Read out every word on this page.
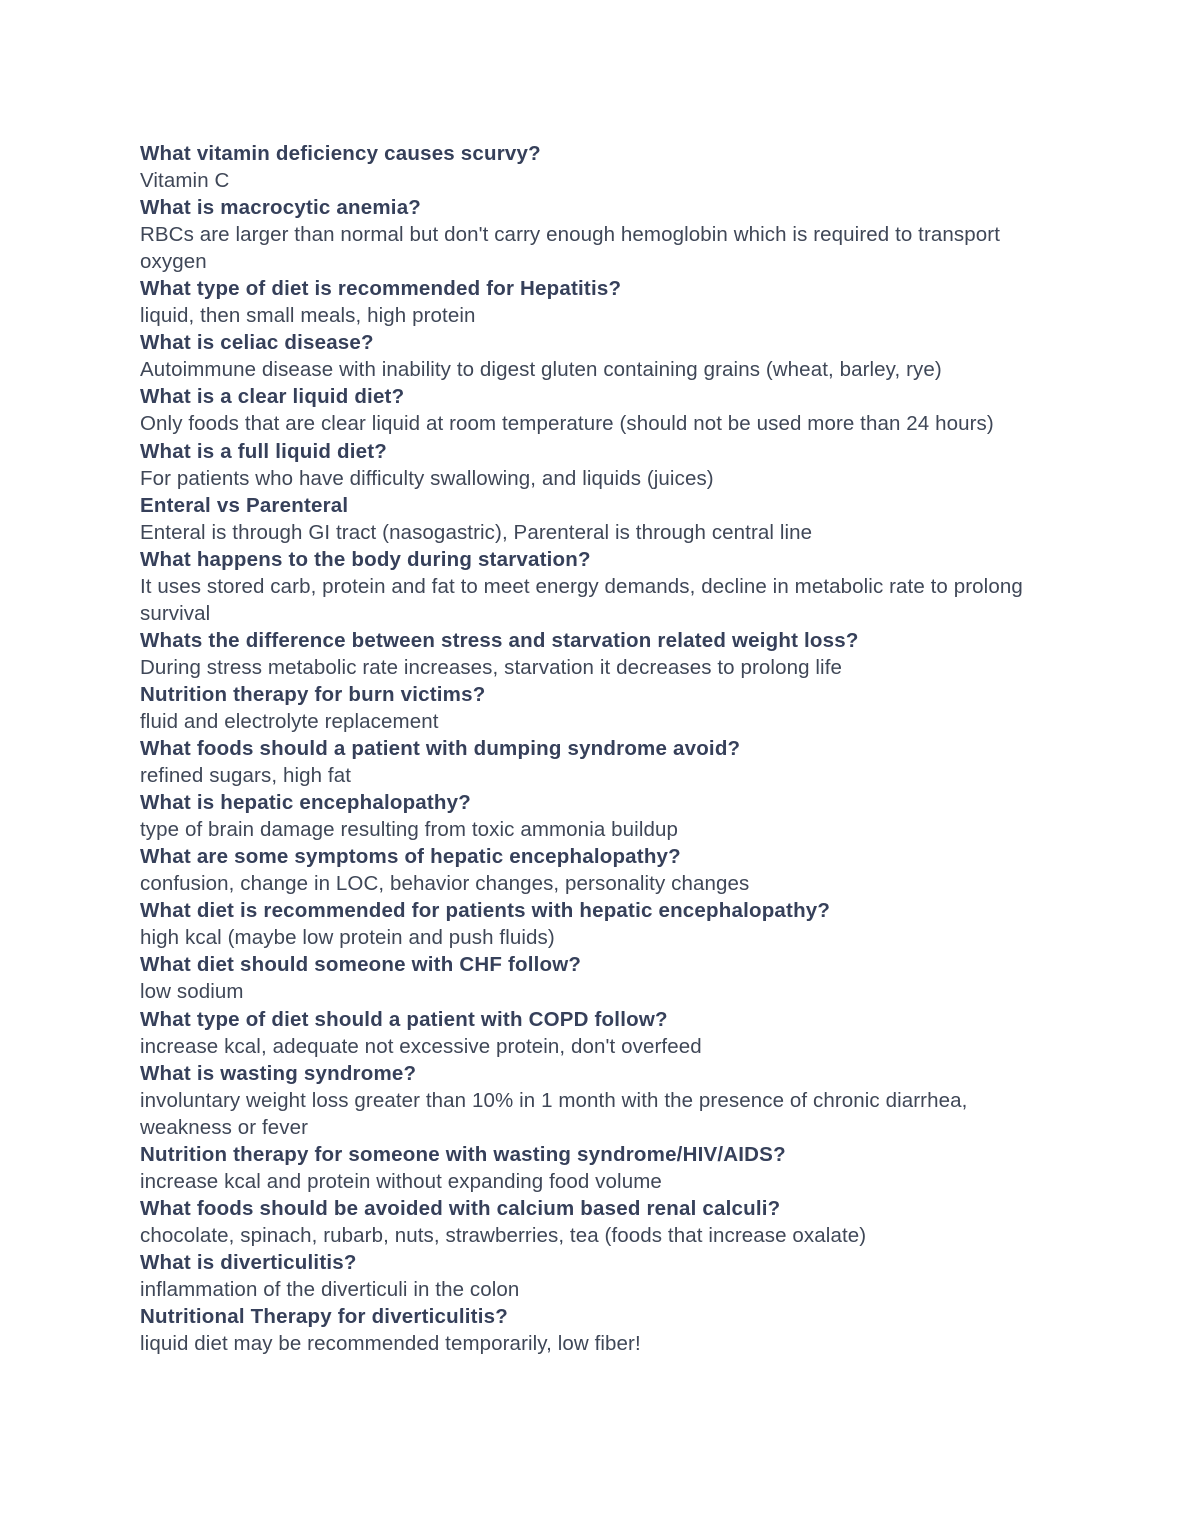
What vitamin deficiency causes scurvy?
Vitamin C
What is macrocytic anemia?
RBCs are larger than normal but don't carry enough hemoglobin which is required to transport oxygen
What type of diet is recommended for Hepatitis?
liquid, then small meals, high protein
What is celiac disease?
Autoimmune disease with inability to digest gluten containing grains (wheat, barley, rye)
What is a clear liquid diet?
Only foods that are clear liquid at room temperature (should not be used more than 24 hours)
What is a full liquid diet?
For patients who have difficulty swallowing, and liquids (juices)
Enteral vs Parenteral
Enteral is through GI tract (nasogastric), Parenteral is through central line
What happens to the body during starvation?
It uses stored carb, protein and fat to meet energy demands, decline in metabolic rate to prolong survival
Whats the difference between stress and starvation related weight loss?
During stress metabolic rate increases, starvation it decreases to prolong life
Nutrition therapy for burn victims?
fluid and electrolyte replacement
What foods should a patient with dumping syndrome avoid?
refined sugars, high fat
What is hepatic encephalopathy?
type of brain damage resulting from toxic ammonia buildup
What are some symptoms of hepatic encephalopathy?
confusion, change in LOC, behavior changes, personality changes
What diet is recommended for patients with hepatic encephalopathy?
high kcal (maybe low protein and push fluids)
What diet should someone with CHF follow?
low sodium
What type of diet should a patient with COPD follow?
increase kcal, adequate not excessive protein, don't overfeed
What is wasting syndrome?
involuntary weight loss greater than 10% in 1 month with the presence of chronic diarrhea, weakness or fever
Nutrition therapy for someone with wasting syndrome/HIV/AIDS?
increase kcal and protein without expanding food volume
What foods should be avoided with calcium based renal calculi?
chocolate, spinach, rubarb, nuts, strawberries, tea (foods that increase oxalate)
What is diverticulitis?
inflammation of the diverticuli in the colon
Nutritional Therapy for diverticulitis?
liquid diet may be recommended temporarily, low fiber!
